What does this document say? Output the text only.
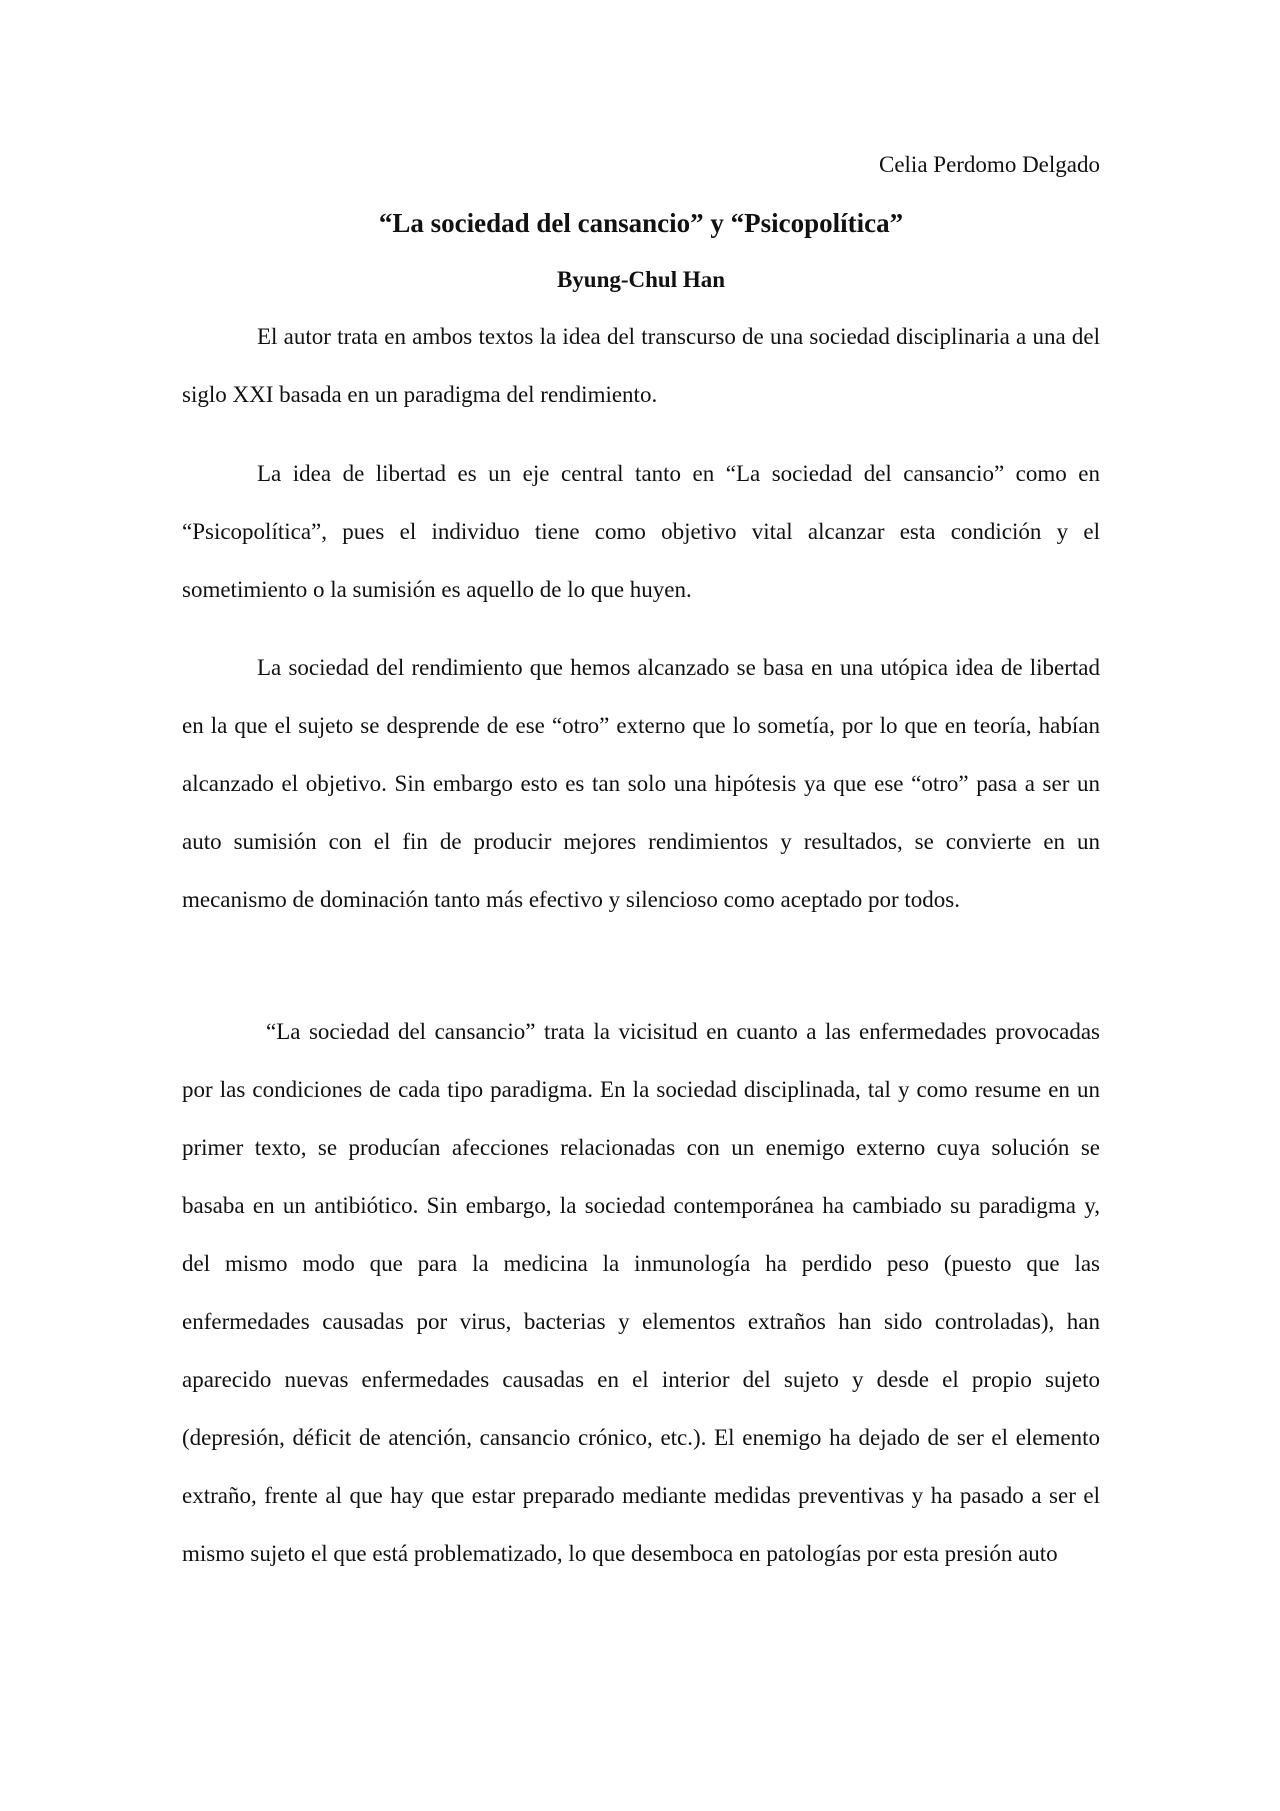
Celia Perdomo Delgado
“La sociedad del cansancio” y “Psicopolítica”
Byung-Chul Han

El autor trata en ambos textos la idea del transcurso de una sociedad disciplinaria a una del siglo XXI basada en un paradigma del rendimiento.

La idea de libertad es un eje central tanto en “La sociedad del cansancio” como en “Psicopolítica”, pues el individuo tiene como objetivo vital alcanzar esta condición y el sometimiento o la sumisión es aquello de lo que huyen.

La sociedad del rendimiento que hemos alcanzado se basa en una utópica idea de libertad en la que el sujeto se desprende de ese “otro” externo que lo sometía, por lo que en teoría, habían alcanzado el objetivo. Sin embargo esto es tan solo una hipótesis ya que ese “otro” pasa a ser un auto sumisión con el fin de producir mejores rendimientos y resultados, se convierte en un mecanismo de dominación tanto más efectivo y silencioso como aceptado por todos.

“La sociedad del cansancio” trata la vicisitud en cuanto a las enfermedades provocadas por las condiciones de cada tipo paradigma. En la sociedad disciplinada, tal y como resume en un primer texto, se producían afecciones relacionadas con un enemigo externo cuya solución se basaba en un antibiótico. Sin embargo, la sociedad contemporánea ha cambiado su paradigma y, del mismo modo que para la medicina la inmunología ha perdido peso (puesto que las enfermedades causadas por virus, bacterias y elementos extraños han sido controladas), han aparecido nuevas enfermedades causadas en el interior del sujeto y desde el propio sujeto (depresión, déficit de atención, cansancio crónico, etc.). El enemigo ha dejado de ser el elemento extraño, frente al que hay que estar preparado mediante medidas preventivas y ha pasado a ser el mismo sujeto el que está problematizado, lo que desemboca en patologías por esta presión auto
